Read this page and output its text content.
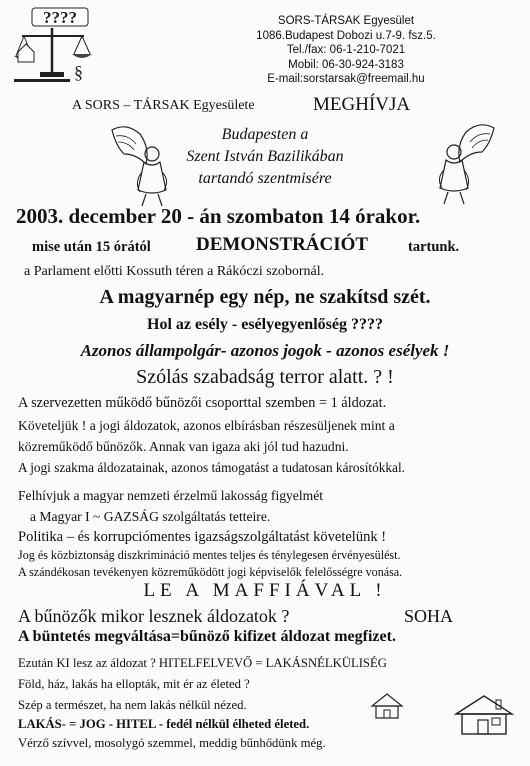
????
§
SORS-TÁRSAK Egyesület
1086.Budapest Dobozi u.7-9. fsz.5.
Tel./fax: 06-1-210-7021
Mobil: 06-30-924-3183
E-mail:sorstarsak@freemail.hu
A SORS – TÁRSAK Egyesülete	MEGHÍVJA
Budapesten a
Szent István Bazilikában
tartandó szentmisére
2003. december 20 - án szombaton 14 órakor.
mise után 15 órától DEMONSTRÁCIÓT	tartunk.
a Parlament előtti Kossuth téren a Rákóczi szobornál.
A magyarnép egy nép, ne szakítsd szét.
Hol az esély - esélyegyenlőség ????
Azonos állampolgár- azonos jogok - azonos esélyek !
Szólás szabadság terror alatt. ? !
A szervezetten működő bűnözői csoporttal szemben = 1 áldozat.
Követeljük ! a jogi áldozatok, azonos elbírásban részesüljenek mint a
közreműködő bűnözők. Annak van igaza aki jól tud hazudni.
A jogi szakma áldozatainak, azonos támogatást a tudatosan károsítókkal.
Felhívjuk a magyar nemzeti érzelmű lakosság figyelmét
a Magyar I ~ GAZSÁG szolgáltatás tetteire.
Politika – és korrupciómentes igazságszolgáltatást követelünk !
Jog és közbiztonság diszkrimináció mentes teljes és ténylegesen érvényesülést.
A szándékosan tevékenyen közreműködött jogi képviselők felelősségre vonása.
LE A MAFFIÁVAL !
A bűnözők mikor lesznek áldozatok ?	SOHA
A büntetés megváltása=bűnöző kifizet áldozat megfizet.
Ezután KI lesz az áldozat ? HITELFELVEVŐ = LAKÁSNÉLKÜLISÉG
Föld, ház, lakás ha ellopták, mit ér az életed ?
Szép a természet, ha nem lakás nélkül nézed.
LAKÁS- = JOG - HITEL - fedél nélkül élheted életed.
Vérző szívvel, mosolygó szemmel, meddig bűnhődünk még.
